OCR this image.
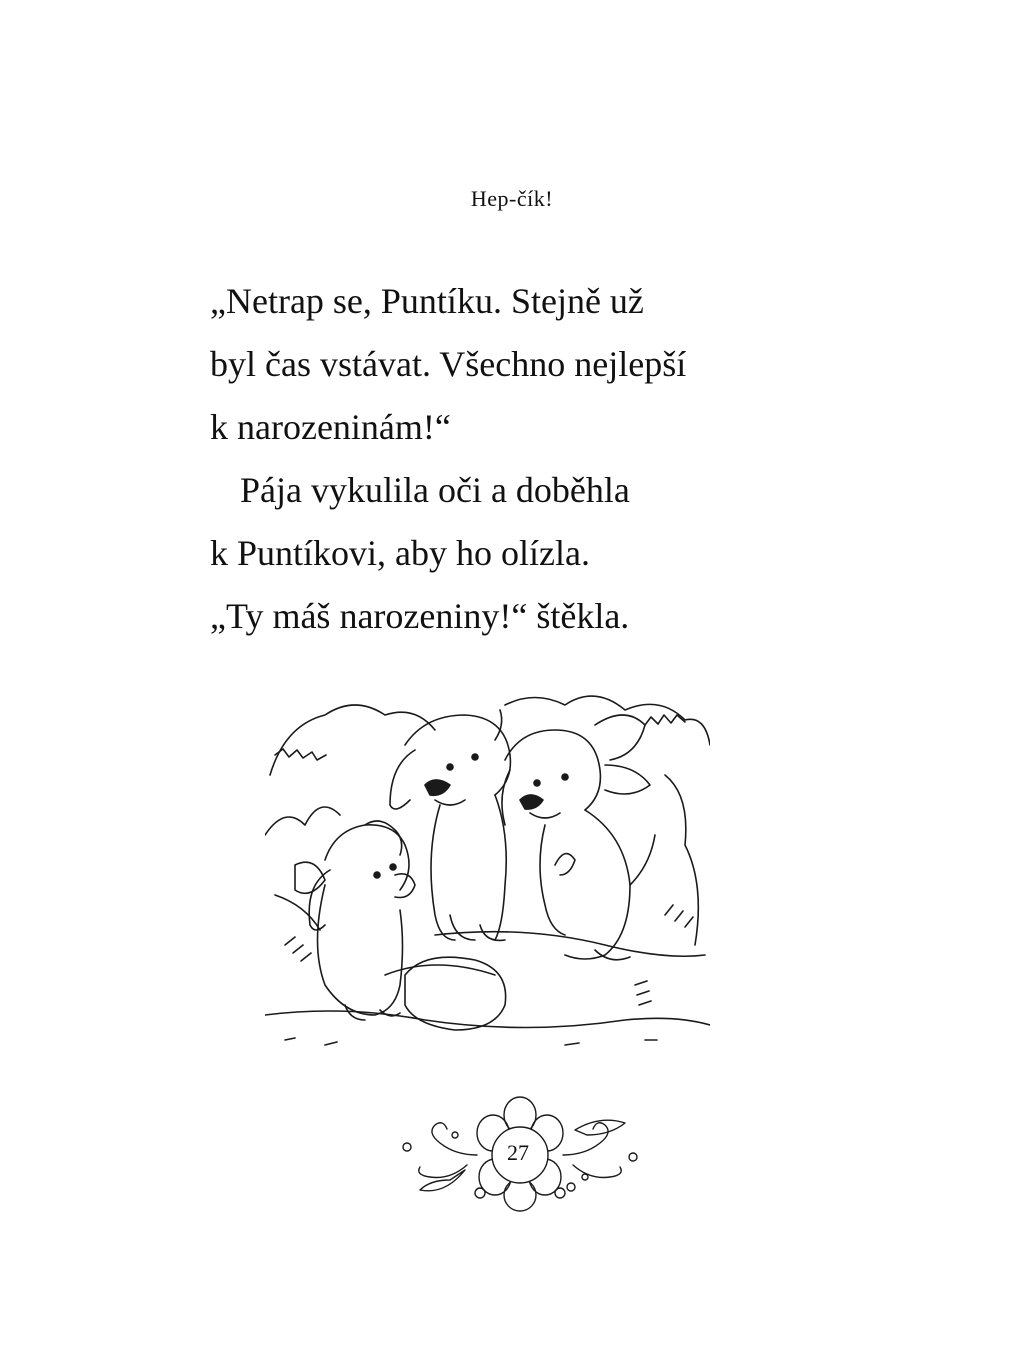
Hep-čík!
„Netrap se, Puntíku. Stejně už
byl čas vstávat. Všechno nejlepší
k narozeninám!“
Pája vykulila oči a doběhla
k Puntíkovi, aby ho olízla.
„Ty máš narozeniny!“ štěkla.
27
